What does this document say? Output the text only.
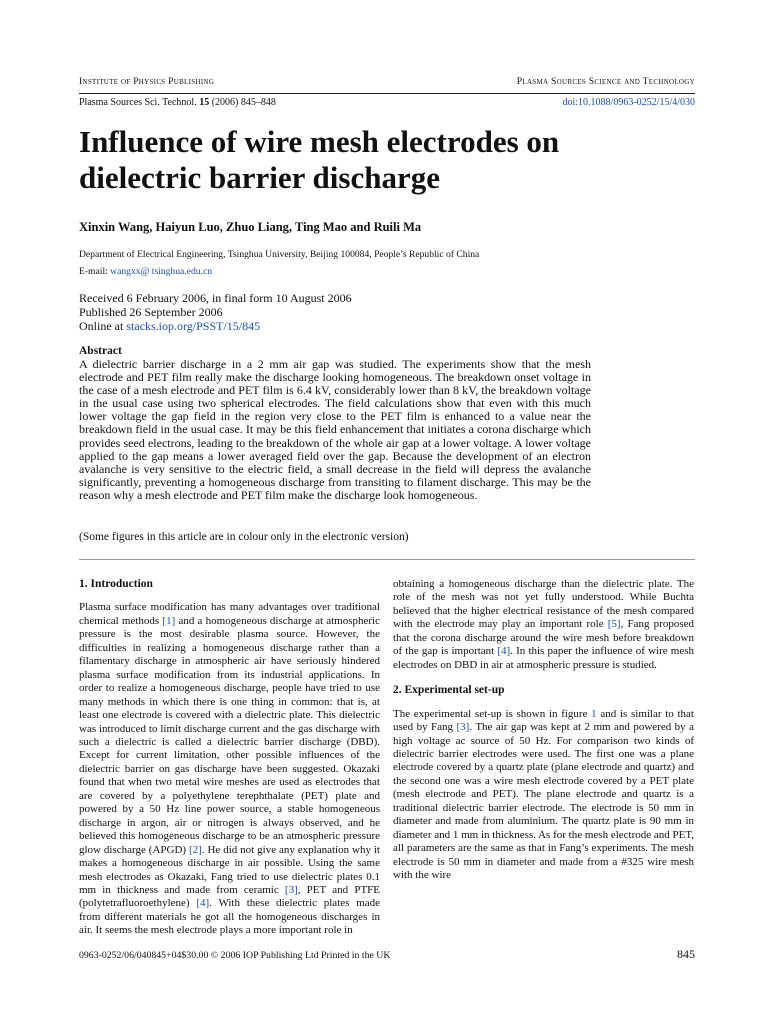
Institute of Physics Publishing	Plasma Sources Science and Technology
Plasma Sources Sci. Technol. 15 (2006) 845–848	doi:10.1088/0963-0252/15/4/030
Influence of wire mesh electrodes on dielectric barrier discharge
Xinxin Wang, Haiyun Luo, Zhuo Liang, Ting Mao and Ruili Ma
Department of Electrical Engineering, Tsinghua University, Beijing 100084, People’s Republic of China
E-mail: wangxx@ tsinghua.edu.cn
Received 6 February 2006, in final form 10 August 2006
Published 26 September 2006
Online at stacks.iop.org/PSST/15/845
Abstract

A dielectric barrier discharge in a 2 mm air gap was studied. The experiments show that the mesh electrode and PET film really make the discharge looking homogeneous. The breakdown onset voltage in the case of a mesh electrode and PET film is 6.4 kV, considerably lower than 8 kV, the breakdown voltage in the usual case using two spherical electrodes. The field calculations show that even with this much lower voltage the gap field in the region very close to the PET film is enhanced to a value near the breakdown field in the usual case. It may be this field enhancement that initiates a corona discharge which provides seed electrons, leading to the breakdown of the whole air gap at a lower voltage. A lower voltage applied to the gap means a lower averaged field over the gap. Because the development of an electron avalanche is very sensitive to the electric field, a small decrease in the field will depress the avalanche significantly, preventing a homogeneous discharge from transiting to filament discharge. This may be the reason why a mesh electrode and PET film make the discharge look homogeneous.

(Some figures in this article are in colour only in the electronic version)
1. Introduction

Plasma surface modification has many advantages over traditional chemical methods [1] and a homogeneous discharge at atmospheric pressure is the most desirable plasma source. However, the difficulties in realizing a homogeneous discharge rather than a filamentary discharge in atmospheric air have seriously hindered plasma surface modification from its industrial applications. In order to realize a homogeneous discharge, people have tried to use many methods in which there is one thing in common: that is, at least one electrode is covered with a dielectric plate. This dielectric was introduced to limit discharge current and the gas discharge with such a dielectric is called a dielectric barrier discharge (DBD). Except for current limitation, other possible influences of the dielectric barrier on gas discharge have been suggested. Okazaki found that when two metal wire meshes are used as electrodes that are covered by a polyethylene terephthalate (PET) plate and powered by a 50 Hz line power source, a stable homogeneous discharge in argon, air or nitrogen is always observed, and he believed this homogeneous discharge to be an atmospheric pressure glow discharge (APGD) [2]. He did not give any explanation why it makes a homogeneous discharge in air possible. Using the same mesh electrodes as Okazaki, Fang tried to use dielectric plates 0.1 mm in thickness and made from ceramic [3], PET and PTFE (polytetrafluoroethylene) [4]. With these dielectric plates made from different materials he got all the homogeneous discharges in air. It seems the mesh electrode plays a more important role in

obtaining a homogeneous discharge than the dielectric plate. The role of the mesh was not yet fully understood. While Buchta believed that the higher electrical resistance of the mesh compared with the electrode may play an important role [5], Fang proposed that the corona discharge around the wire mesh before breakdown of the gap is important [4]. In this paper the influence of wire mesh electrodes on DBD in air at atmospheric pressure is studied.

2. Experimental set-up

The experimental set-up is shown in figure 1 and is similar to that used by Fang [3]. The air gap was kept at 2 mm and powered by a high voltage ac source of 50 Hz. For comparison two kinds of dielectric barrier electrodes were used. The first one was a plane electrode covered by a quartz plate (plane electrode and quartz) and the second one was a wire mesh electrode covered by a PET plate (mesh electrode and PET). The plane electrode and quartz is a traditional dielectric barrier electrode. The electrode is 50 mm in diameter and made from aluminium. The quartz plate is 90 mm in diameter and 1 mm in thickness. As for the mesh electrode and PET, all parameters are the same as that in Fang’s experiments. The mesh electrode is 50 mm in diameter and made from a #325 wire mesh with the wire

0963-0252/06/040845+04$30.00 © 2006 IOP Publishing Ltd Printed in the UK	845
